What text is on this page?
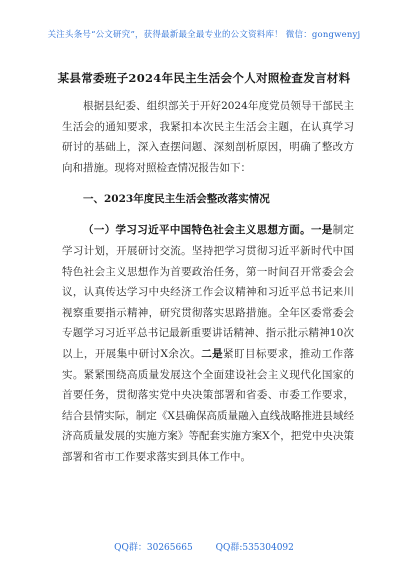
关注头条号“公文研究”，获得最新最全最专业的公文资料库！ 微信：gongwenyj
某县常委班子2024年民主生活会个人对照检查发言材料

根据县纪委、组织部关于开好2024年度党员领导干部民主生活会的通知要求，我紧扣本次民主生活会主题，在认真学习研讨的基础上，深入查摆问题、深刻剖析原因，明确了整改方向和措施。现将对照检查情况报告如下：

一、2023年度民主生活会整改落实情况

（一）学习习近平中国特色社会主义思想方面。一是制定学习计划，开展研讨交流。坚持把学习贯彻习近平新时代中国特色社会主义思想作为首要政治任务，第一时间召开常委会会议，认真传达学习中央经济工作会议精神和习近平总书记来川视察重要指示精神，研究贯彻落实思路措施。全年区委常委会专题学习习近平总书记最新重要讲话精神、指示批示精神10次以上，开展集中研讨X余次。二是紧盯目标要求，推动工作落实。紧紧围绕高质量发展这个全面建设社会主义现代化国家的首要任务，贯彻落实党中央决策部署和省委、市委工作要求，结合县情实际，制定《X县确保高质量融入直线战略推进县域经济高质量发展的实施方案》等配套实施方案X个，把党中央决策部署和省市工作要求落实到具体工作中。

QQ群：30265665	QQ群:535304092
